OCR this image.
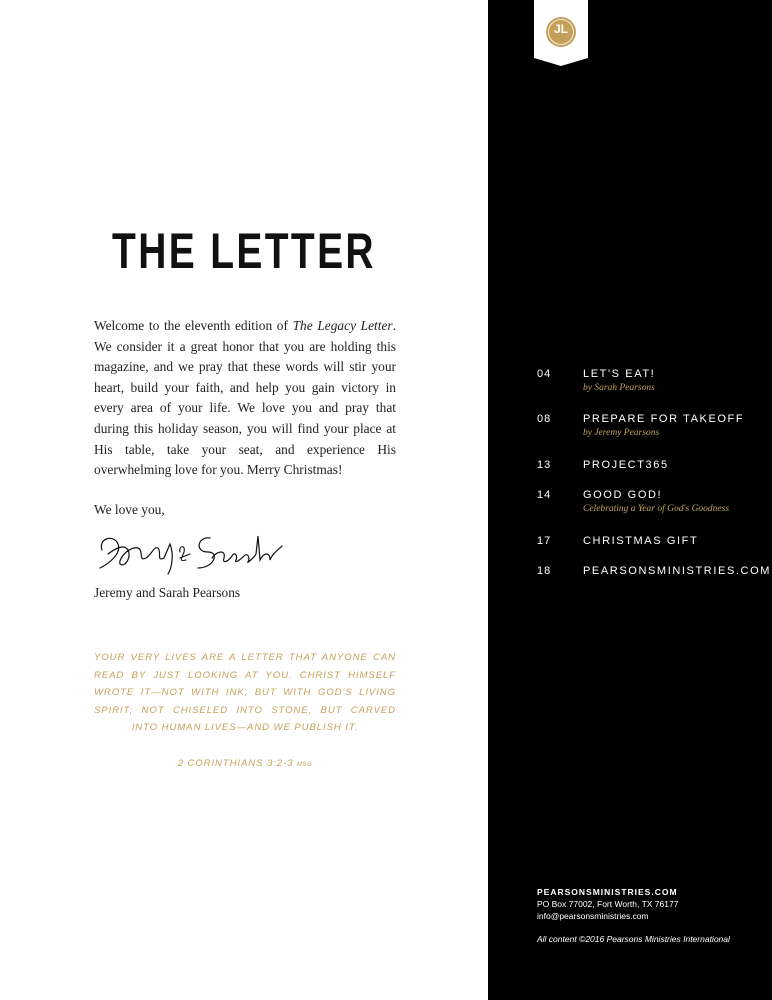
THE LETTER
Welcome to the eleventh edition of The Legacy Letter. We consider it a great honor that you are holding this magazine, and we pray that these words will stir your heart, build your faith, and help you gain victory in every area of your life. We love you and pray that during this holiday season, you will find your place at His table, take your seat, and experience His overwhelming love for you. Merry Christmas!
We love you,
Jeremy and Sarah Pearsons
YOUR VERY LIVES ARE A LETTER THAT ANYONE CAN READ BY JUST LOOKING AT YOU. CHRIST HIMSELF WROTE IT—NOT WITH INK, BUT WITH GOD'S LIVING SPIRIT; NOT CHISELED INTO STONE, BUT CARVED INTO HUMAN LIVES—AND WE PUBLISH IT.
2 CORINTHIANS 3:2-3 MSG
JL
04	LET'S EAT!
by Sarah Pearsons
08	PREPARE FOR TAKEOFF
by Jeremy Pearsons
13	PROJECT365
14	GOOD GOD!
Celebrating a Year of God's Goodness
17	CHRISTMAS GIFT
18	PEARSONSMINISTRIES.COM
PEARSONSMINISTRIES.COM
PO Box 77002, Fort Worth, TX 76177
info@pearsonsministries.com
All content ©2016 Pearsons Ministries International
